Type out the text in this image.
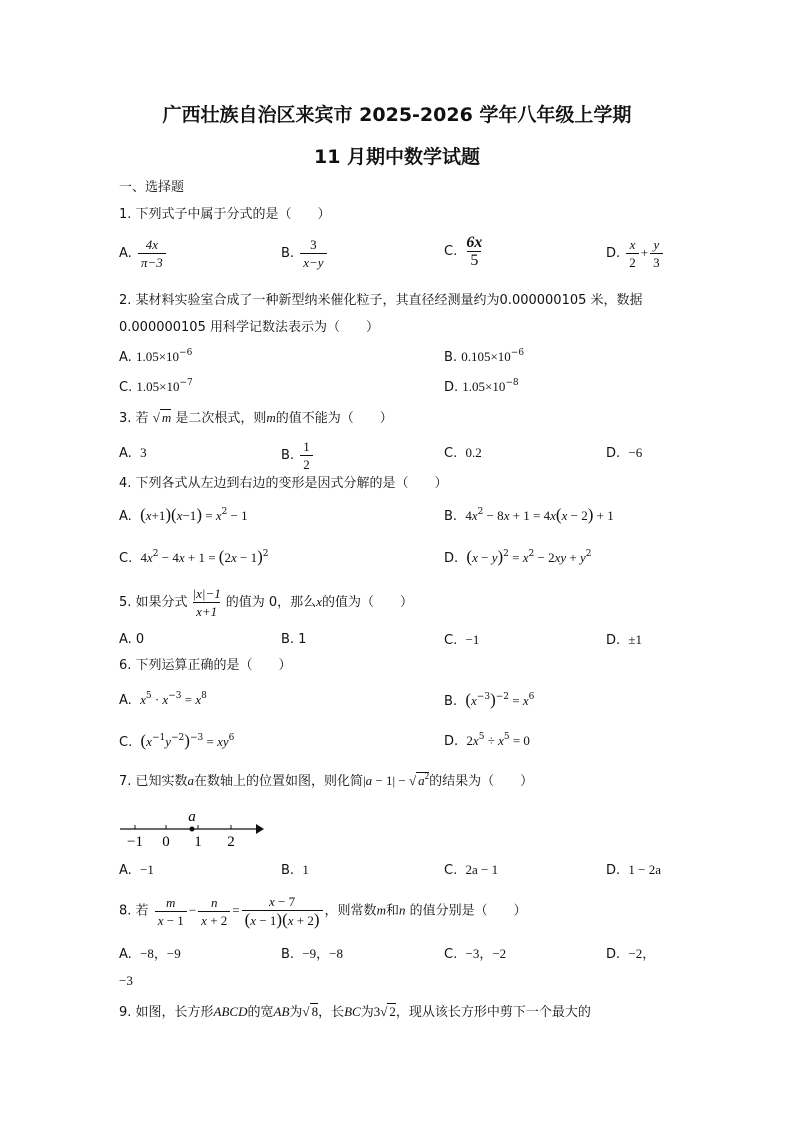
广西壮族自治区来宾市 2025-2026 学年八年级上学期
11 月期中数学试题
一、选择题
1. 下列式子中属于分式的是（　　）
A. $\frac{4x}{\pi-3}$	B. $\frac{3}{x-y}$	C. $\frac{6x}{5}$	D. $\frac{x}{2} + \frac{y}{3}$
2. 某材料实验室合成了一种新型纳米催化粒子，其直径经测量约为0.000000105 米，数据
0.000000105 用科学记数法表示为（　　）
A. $1.05\times 10^{-6}$	B. $0.105\times 10^{-6}$
C. $1.05\times 10^{-7}$	D. $1.05\times 10^{-8}$
3. 若 √ m 是二次根式，则m的值不能为（　　）
A. 3	B. $\frac{1}{2}$	C. 0.2	D. −6
4. 下列各式从左边到右边的变形是因式分解的是（　　）
A. $(x+1)(x-1) = x^2 - 1$	B. $4x^2 - 8x + 1 = 4x(x - 2) + 1$
C. $4x^2 - 4x + 1 = (2x - 1)^2$	D. $(x - y)^2 = x^2 - 2xy + y^2$
5. 如果分式 $\frac{|x|-1}{x+1}$ 的值为 0，那么x的值为（　　）
A. 0	B. 1	C. −1	D. ±1
6. 下列运算正确的是（　　）
A. $x^5 \cdot x^{-3} = x^8$	B. $(x^{-3})^{-2} = x^6$
C. $(x^{-1}y^{-2})^{-3} = xy^6$	D. $2x^5 \div x^5 = 0$
7. 已知实数a在数轴上的位置如图，则化简|a − 1| − √ $a^2$的结果为（　　）
a
−1 0 1 2
A. −1	B. 1	C. 2a − 1	D. 1 − 2a
8. 若 $\frac{m}{x - 1} - \frac{n}{x + 2} = \frac{x - 7}{(x - 1)(x + 2)}$ ，则常数m和n 的值分别是（　　）
A. −8，−9	B. −9，−8	C. −3，−2	D. −2，
−3
9. 如图，长方形ABCD的宽AB为√ 8，长BC为3√ 2，现从该长方形中剪下一个最大的
